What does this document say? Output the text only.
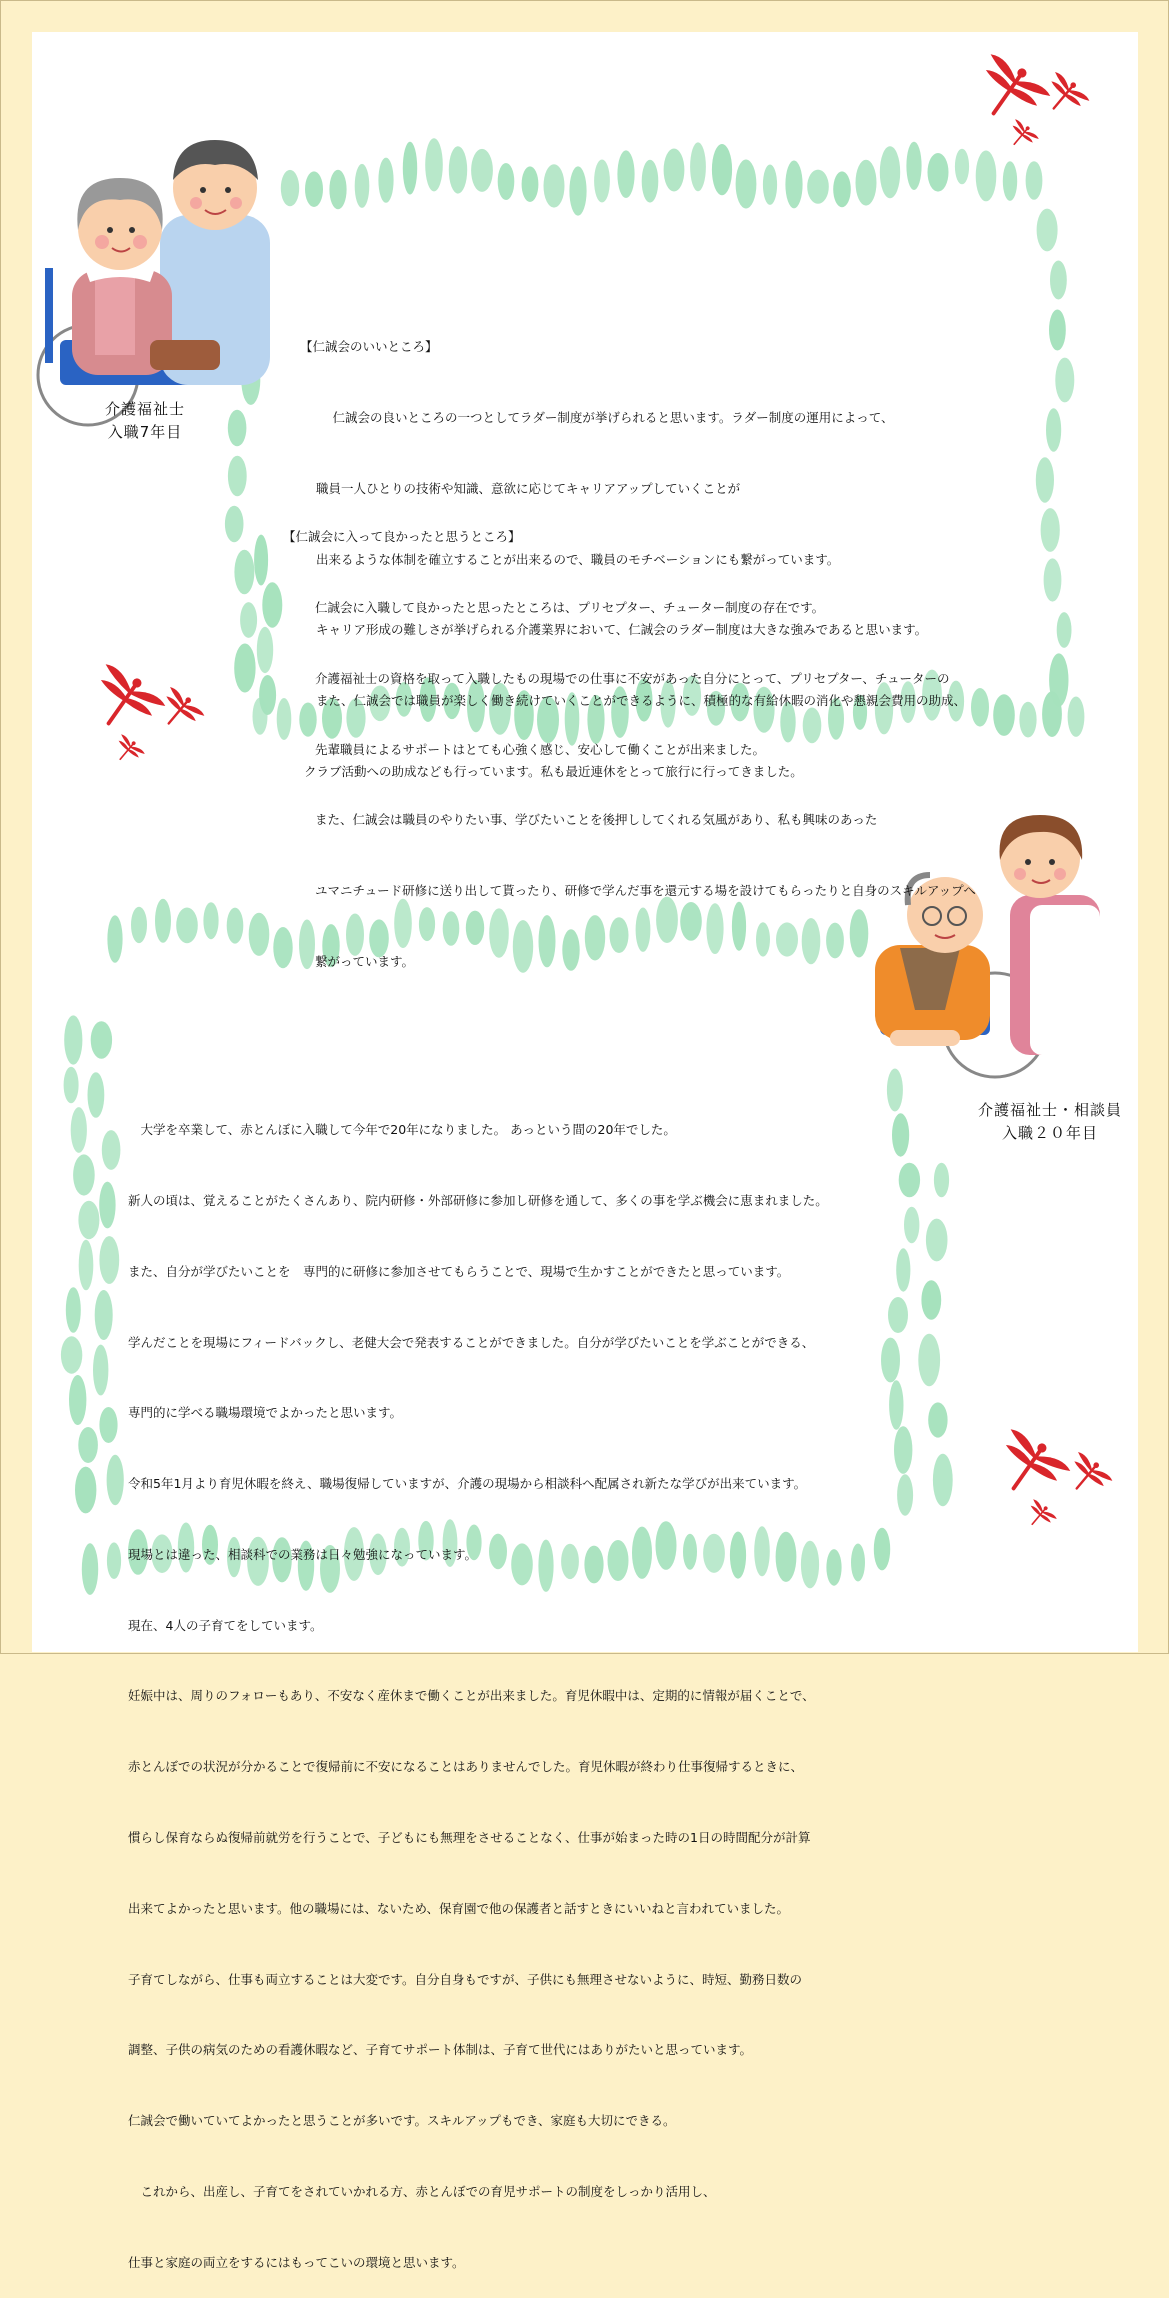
介護福祉士
入職7年目
介護福祉士・相談員
入職２０年目

【仁誠会のいいところ】

　仁誠会の良いところの一つとしてラダー制度が挙げられると思います。ラダー制度の運用によって、

職員一人ひとりの技術や知識、意欲に応じてキャリアアップしていくことが

出来るような体制を確立することが出来るので、職員のモチベーションにも繋がっています。

キャリア形成の難しさが挙げられる介護業界において、仁誠会のラダー制度は大きな強みであると思います。

また、仁誠会では職員が楽しく働き続けていくことができるように、積極的な有給休暇の消化や懇親会費用の助成、

クラブ活動への助成なども行っています。私も最近連休をとって旅行に行ってきました。

【仁誠会に入って良かったと思うところ】

仁誠会に入職して良かったと思ったところは、プリセプター、チューター制度の存在です。

介護福祉士の資格を取って入職したもの現場での仕事に不安があった自分にとって、プリセプター、チューターの

先輩職員によるサポートはとても心強く感じ、安心して働くことが出来ました。

また、仁誠会は職員のやりたい事、学びたいことを後押ししてくれる気風があり、私も興味のあった

ユマニチュード研修に送り出して貰ったり、研修で学んだ事を還元する場を設けてもらったりと自身のスキルアップへ

繋がっています。

　大学を卒業して、赤とんぼに入職して今年で20年になりました。 あっという間の20年でした。

新人の頃は、覚えることがたくさんあり、院内研修・外部研修に参加し研修を通して、多くの事を学ぶ機会に恵まれました。

また、自分が学びたいことを　専門的に研修に参加させてもらうことで、現場で生かすことができたと思っています。

学んだことを現場にフィードバックし、老健大会で発表することができました。自分が学びたいことを学ぶことができる、

専門的に学べる職場環境でよかったと思います。

令和5年1月より育児休暇を終え、職場復帰していますが、介護の現場から相談科へ配属され新たな学びが出来ています。

現場とは違った、相談科での業務は日々勉強になっています。

現在、4人の子育てをしています。

妊娠中は、周りのフォローもあり、不安なく産休まで働くことが出来ました。育児休暇中は、定期的に情報が届くことで、

赤とんぼでの状況が分かることで復帰前に不安になることはありませんでした。育児休暇が終わり仕事復帰するときに、

慣らし保育ならぬ復帰前就労を行うことで、子どもにも無理をさせることなく、仕事が始まった時の1日の時間配分が計算

出来てよかったと思います。他の職場には、ないため、保育園で他の保護者と話すときにいいねと言われていました。

子育てしながら、仕事も両立することは大変です。自分自身もですが、子供にも無理させないように、時短、勤務日数の

調整、子供の病気のための看護休暇など、子育てサポート体制は、子育て世代にはありがたいと思っています。

仁誠会で働いていてよかったと思うことが多いです。スキルアップもでき、家庭も大切にできる。

　これから、出産し、子育てをされていかれる方、赤とんぼでの育児サポートの制度をしっかり活用し、

仕事と家庭の両立をするにはもってこいの環境と思います。
